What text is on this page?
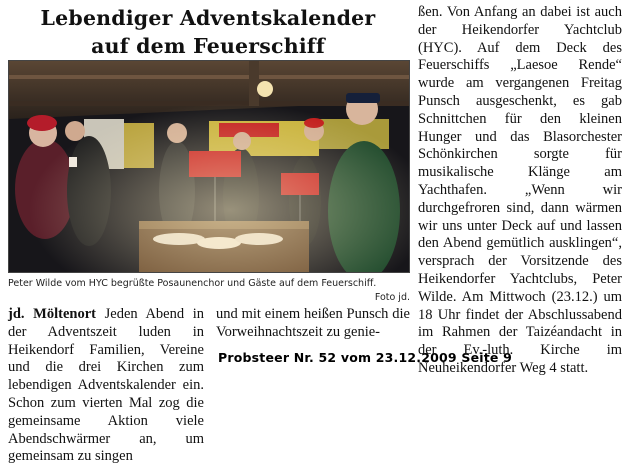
Lebendiger Adventskalender
auf dem Feuerschiff
Peter Wilde vom HYC begrüßte Posaunenchor und Gäste auf dem Feuerschiff.
Foto jd.

jd. Möltenort Jeden Abend in der Adventszeit luden in Heikendorf Familien, Vereine und die drei Kirchen zum lebendigen Adventskalender ein. Schon zum vierten Mal zog die gemeinsame Aktion viele Abendschwärmer an, um gemeinsam zu singen

und mit einem heißen Punsch die Vorweihnachtszeit zu genie-

Probsteer Nr. 52 vom 23.12.2009 Seite 9

ßen. Von Anfang an dabei ist auch der Heikendorfer Yachtclub (HYC). Auf dem Deck des Feuerschiffs „Laesoe Rende“ wurde am vergangenen Freitag Punsch ausgeschenkt, es gab Schnittchen für den kleinen Hunger und das Blasorchester Schönkirchen sorgte für musikalische Klänge am Yachthafen. „Wenn wir durchgefroren sind, dann wärmen wir uns unter Deck auf und lassen den Abend gemütlich ausklingen“, versprach der Vorsitzende des Heikendorfer Yachtclubs, Peter Wilde. Am Mittwoch (23.12.) um 18 Uhr findet der Abschlussabend im Rahmen der Taizéandacht in der Ev.-luth. Kirche im Neuheikendorfer Weg 4 statt.
